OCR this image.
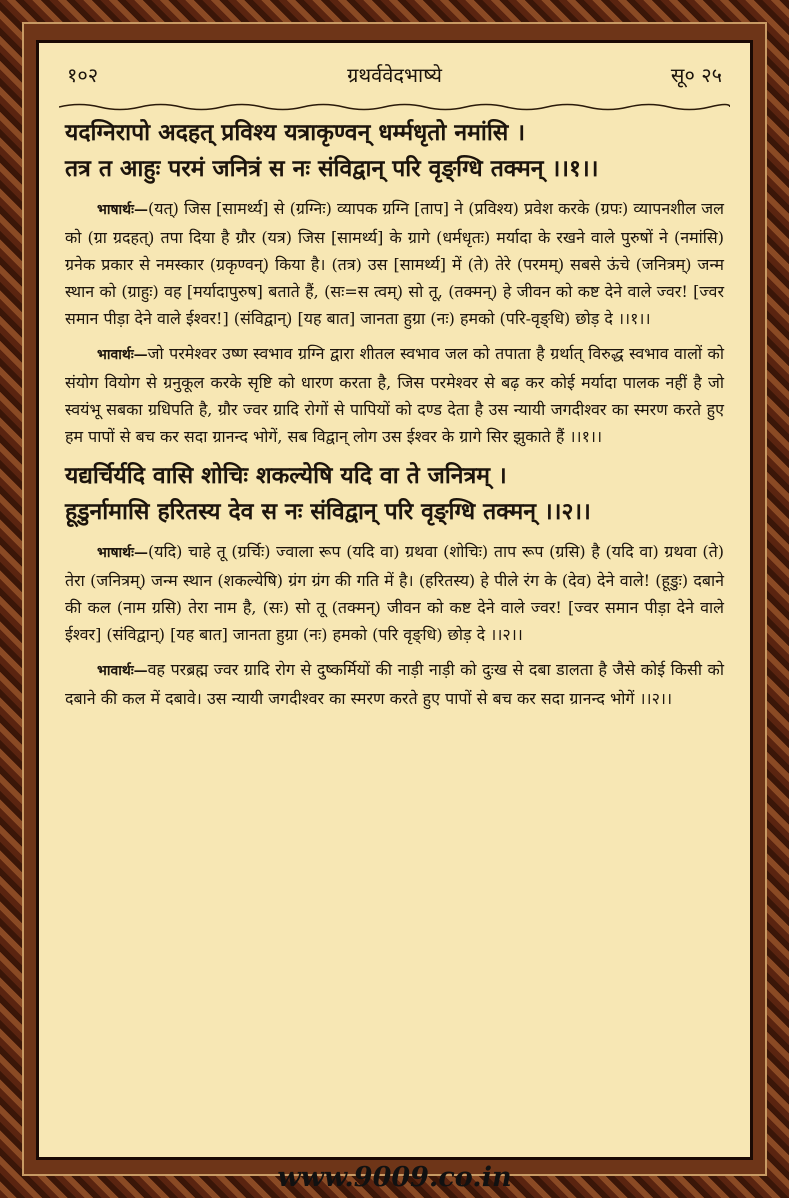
१०२	ग्रथर्ववेदभाष्ये	सू० २५

यदग्निरापो अदहत् प्रविश्य यत्राकृण्वन् धर्म्मधृतो नमांसि ।

तत्र त आहुः परमं जनित्रं स नः संविद्वान् परि वृङ्ग्धि तक्मन् ।।१।।

भाषार्थः—(यत्) जिस [सामर्थ्य] से (ग्रग्निः) व्यापक ग्रग्नि [ताप] ने (प्रविश्य) प्रवेश करके (ग्रपः) व्यापनशील जल को (ग्रा ग्रदहत्) तपा दिया है ग्रौर (यत्र) जिस [सामर्थ्य] के ग्रागे (धर्मधृतः) मर्यादा के रखने वाले पुरुषों ने (नमांसि) ग्रनेक प्रकार से नमस्कार (ग्रकृण्वन्) किया है। (तत्र) उस [सामर्थ्य] में (ते) तेरे (परमम्) सबसे ऊंचे (जनित्रम्) जन्म स्थान को (ग्राहुः) वह [मर्यादापुरुष] बताते हैं, (सः=स त्वम्) सो तू, (तक्मन्) हे जीवन को कष्ट देने वाले ज्वर! [ज्वर समान पीड़ा देने वाले ईश्वर!] (संविद्वान्) [यह बात] जानता हुग्रा (नः) हमको (परि-वृङ्धि) छोड़ दे ।।१।।

भावार्थः—जो परमेश्वर उष्ण स्वभाव ग्रग्नि द्वारा शीतल स्वभाव जल को तपाता है ग्रर्थात् विरुद्ध स्वभाव वालों को संयोग वियोग से ग्रनुकूल करके सृष्टि को धारण करता है, जिस परमेश्वर से बढ़ कर कोई मर्यादा पालक नहीं है जो स्वयंभू सबका ग्रधिपति है, ग्रौर ज्वर ग्रादि रोगों से पापियों को दण्ड देता है उस न्यायी जगदीश्वर का स्मरण करते हुए हम पापों से बच कर सदा ग्रानन्द भोगें, सब विद्वान् लोग उस ईश्वर के ग्रागे सिर झुकाते हैं ।।१।।

यद्यर्चिर्यदि वासि शोचिः शकल्येषि यदि वा ते जनित्रम् ।

हूडुर्नामासि हरितस्य देव स नः संविद्वान् परि वृङ्ग्धि तक्मन् ।।२।।

भाषार्थः—(यदि) चाहे तू (ग्रर्चिः) ज्वाला रूप (यदि वा) ग्रथवा (शोचिः) ताप रूप (ग्रसि) है (यदि वा) ग्रथवा (ते) तेरा (जनित्रम्) जन्म स्थान (शकल्येषि) ग्रंग ग्रंग की गति में है। (हरितस्य) हे पीले रंग के (देव) देने वाले! (हूडुः) दबाने की कल (नाम ग्रसि) तेरा नाम है, (सः) सो तू (तक्मन्) जीवन को कष्ट देने वाले ज्वर! [ज्वर समान पीड़ा देने वाले ईश्वर] (संविद्वान्) [यह बात] जानता हुग्रा (नः) हमको (परि वृङ्धि) छोड़ दे ।।२।।

भावार्थः—वह परब्रह्म ज्वर ग्रादि रोग से दुष्कर्मियों की नाड़ी नाड़ी को दुःख से दबा डालता है जैसे कोई किसी को दबाने की कल में दबावे। उस न्यायी जगदीश्वर का स्मरण करते हुए पापों से बच कर सदा ग्रानन्द भोगें ।।२।।

www.9009.co.in
